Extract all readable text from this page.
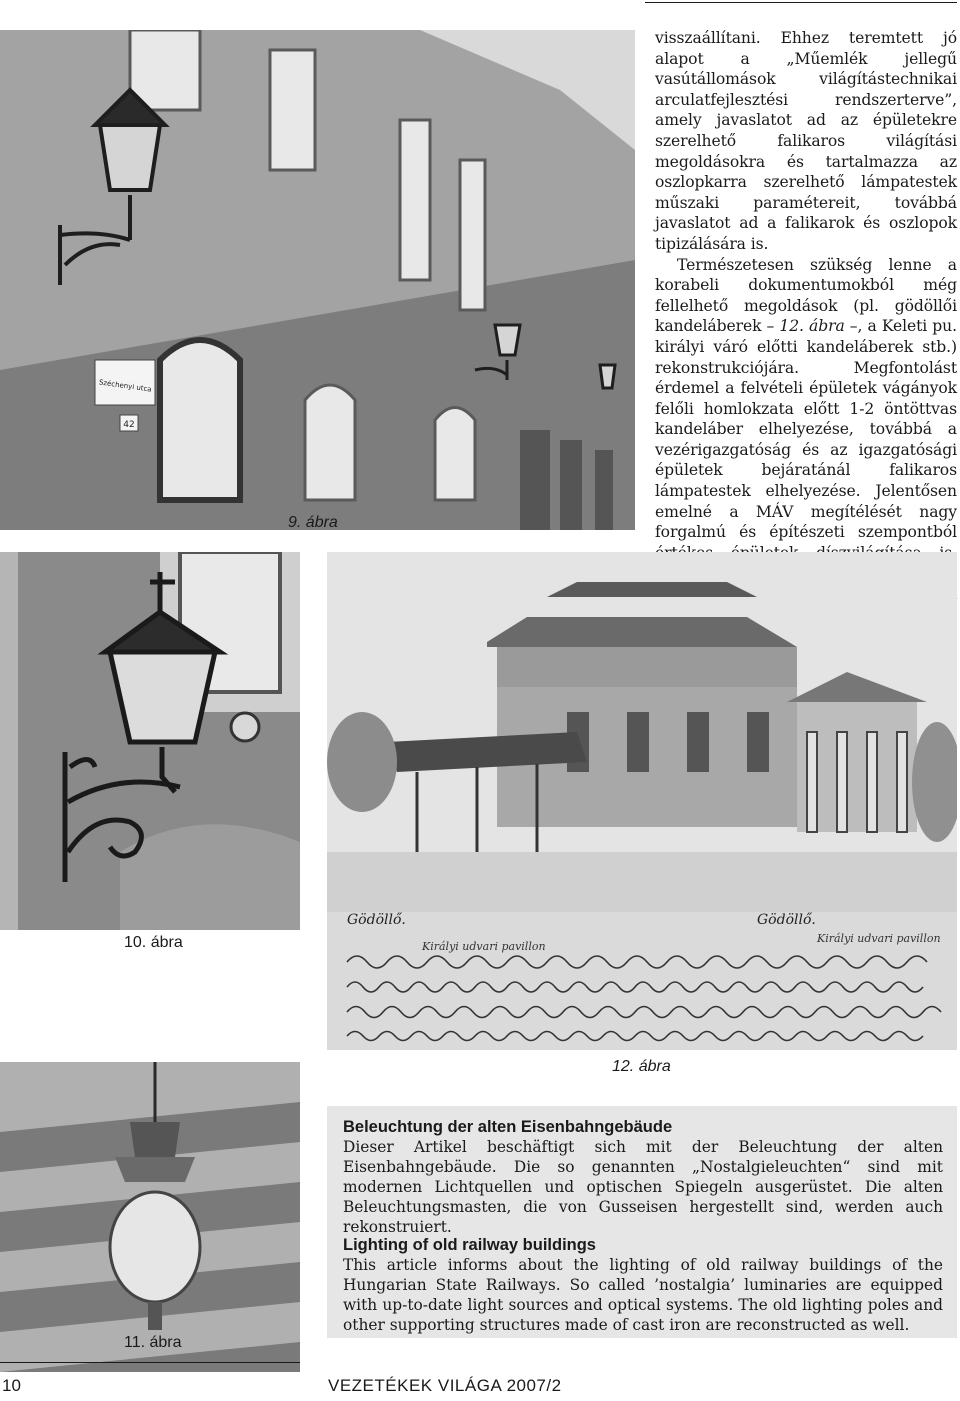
Széchenyi utca
42
9. ábra

visszaállítani. Ehhez teremtett jó alapot a „Műemlék jellegű vasútállomások világítástechnikai arculatfejlesztési rendszerterve”, amely javaslatot ad az épületekre szerelhető falikaros világítási megoldásokra és tartalmazza az oszlopkarra szerelhető lámpatestek műszaki paramétereit, továbbá javaslatot ad a falikarok és oszlopok tipizálására is.

Természetesen szükség lenne a korabeli dokumentumokból még fellelhető megoldások (pl. gödöllői kandeláberek – 12. ábra –, a Keleti pu. királyi váró előtti kandeláberek stb.) rekonstrukciójára. Megfontolást érdemel a felvételi épületek vágányok felőli homlokzata előtt 1-2 öntöttvas kandeláber elhelyezése, továbbá a vezérigazgatóság és az igazgatósági épületek bejáratánál falikaros lámpatestek elhelyezése. Jelentősen emelné a MÁV megítélését nagy forgalmú és építészeti szempontból

10. ábra
Gödöllő.	Gödöllő.
Királyi udvari pavillon
Királyi udvari pavillon
12. ábra
11. ábra
Beleuchtung der alten Eisenbahngebäude

Dieser Artikel beschäftigt sich mit der Beleuchtung der alten Eisenbahngebäude. Die so genannten „Nostalgieleuchten“ sind mit modernen Lichtquellen und optischen Spiegeln ausgerüstet. Die alten Beleuchtungsmasten, die von Gusseisen hergestellt sind, werden auch rekonstruiert.

Lighting of old railway buildings

This article informs about the lighting of old railway buildings of the Hungarian State Railways. So called ’nostalgia’ luminaries are equipped with up-to-date light sources and optical systems. The old lighting poles and other supporting structures made of cast iron are reconstructed as well.

10	VEZETÉKEK VILÁGA 2007/2
